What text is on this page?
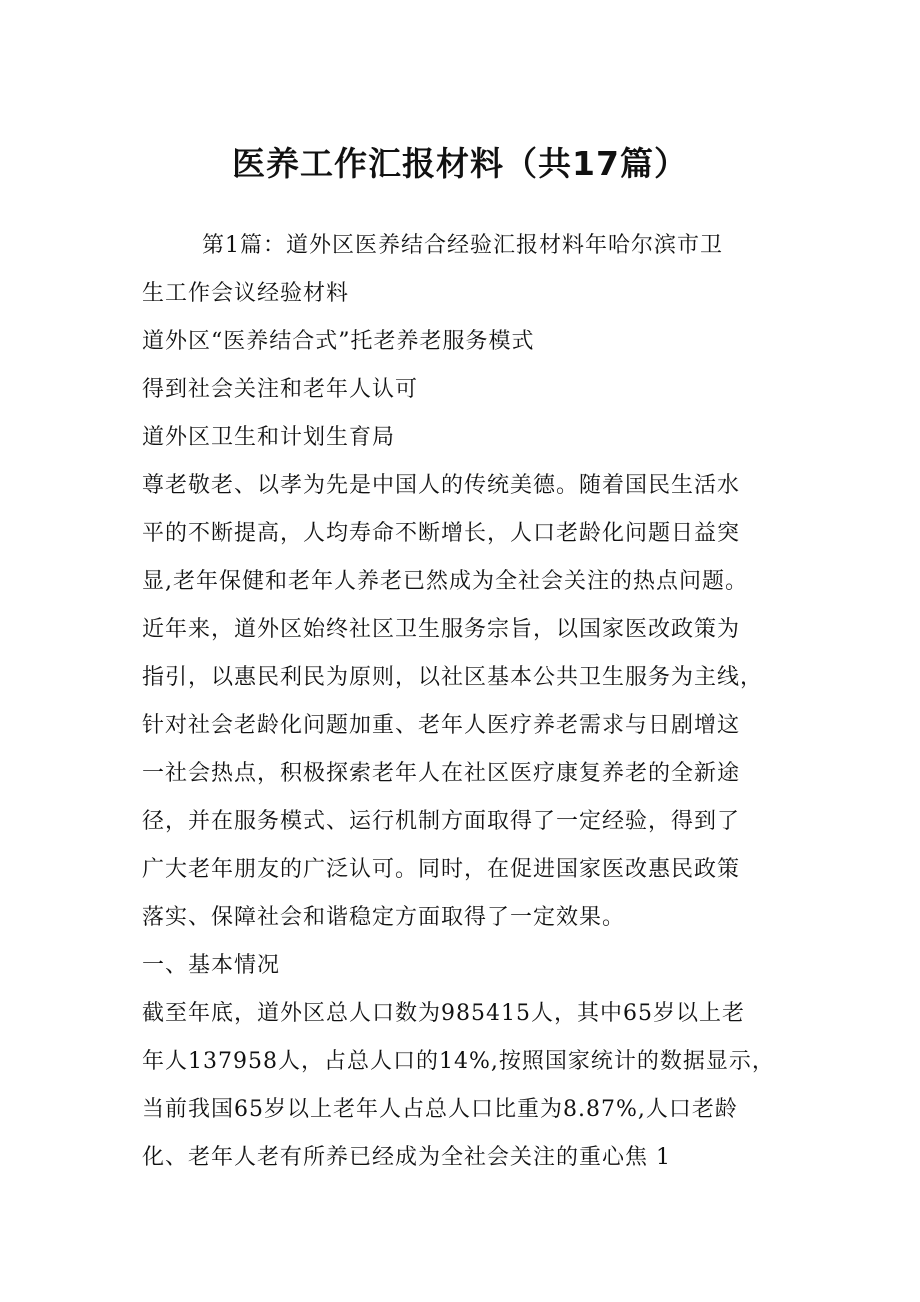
医养工作汇报材料（共17篇）
第1篇：道外区医养结合经验汇报材料年哈尔滨市卫
生工作会议经验材料
道外区“医养结合式”托老养老服务模式
得到社会关注和老年人认可
道外区卫生和计划生育局
尊老敬老、以孝为先是中国人的传统美德。随着国民生活水
平的不断提高，人均寿命不断增长，人口老龄化问题日益突
显,老年保健和老年人养老已然成为全社会关注的热点问题。
近年来，道外区始终社区卫生服务宗旨，以国家医改政策为
指引，以惠民利民为原则，以社区基本公共卫生服务为主线，
针对社会老龄化问题加重、老年人医疗养老需求与日剧增这
一社会热点，积极探索老年人在社区医疗康复养老的全新途
径，并在服务模式、运行机制方面取得了一定经验，得到了
广大老年朋友的广泛认可。同时，在促进国家医改惠民政策
落实、保障社会和谐稳定方面取得了一定效果。
一、基本情况
截至年底，道外区总人口数为985415人，其中65岁以上老
年人137958人，占总人口的14%,按照国家统计的数据显示，
当前我国65岁以上老年人占总人口比重为8.87%,人口老龄
化、老年人老有所养已经成为全社会关注的重心焦 1
